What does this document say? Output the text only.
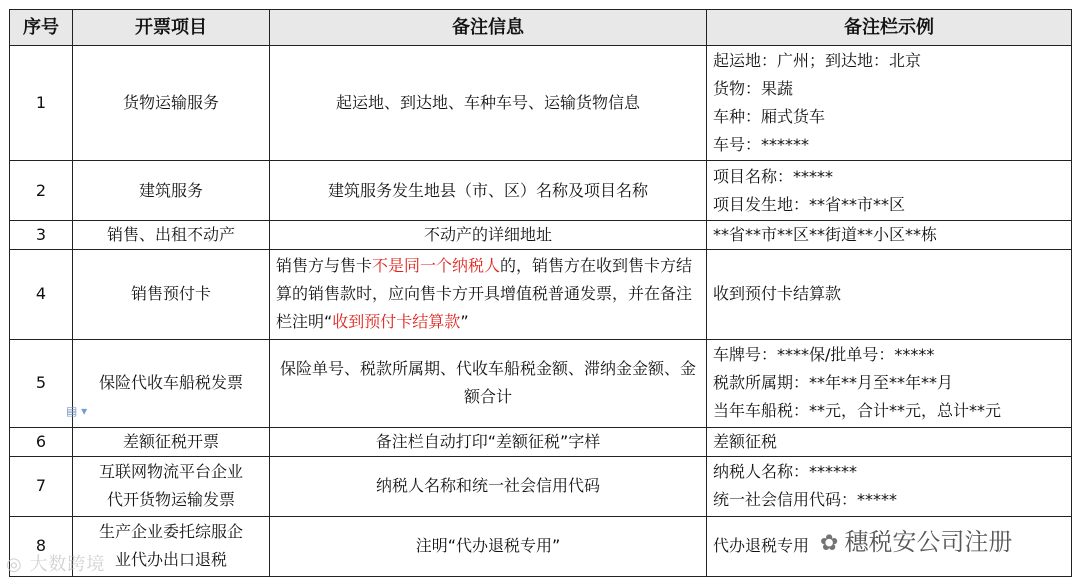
序号	开票项目	备注信息	备注栏示例
1	货物运输服务	起运地、到达地、车种车号、运输货物信息	起运地：广州；到达地：北京
货物：果蔬
车种：厢式货车
车号：******

2	建筑服务	建筑服务发生地县（市、区）名称及项目名称	项目名称：*****
项目发生地：**省**市**区

3	销售、出租不动产	不动产的详细地址	**省**市**区**街道**小区**栋

4	销售预付卡	销售方与售卡不是同一个纳税人的，销售方在收到售卡方结算的销售款时，应向售卡方开具增值税普通发票，并在备注栏注明“收到预付卡结算款”	收到预付卡结算款

5	保险代收车船税发票	保险单号、税款所属期、代收车船税金额、滞纳金金额、金额合计	车牌号：****保/批单号：*****
税款所属期：**年**月至**年**月
当年车船税：**元，合计**元，总计**元

6	差额征税开票	备注栏自动打印“差额征税”字样	差额征税

7	互联网物流平台企业
代开货物运输发票	纳税人名称和统一社会信用代码	纳税人名称：******
统一社会信用代码：*****

8	生产企业委托综服企
业代办出口退税	注明“代办退税专用”	代办退税专用
▤ ▾
◎ 大数跨境
✿ 穗税安公司注册
